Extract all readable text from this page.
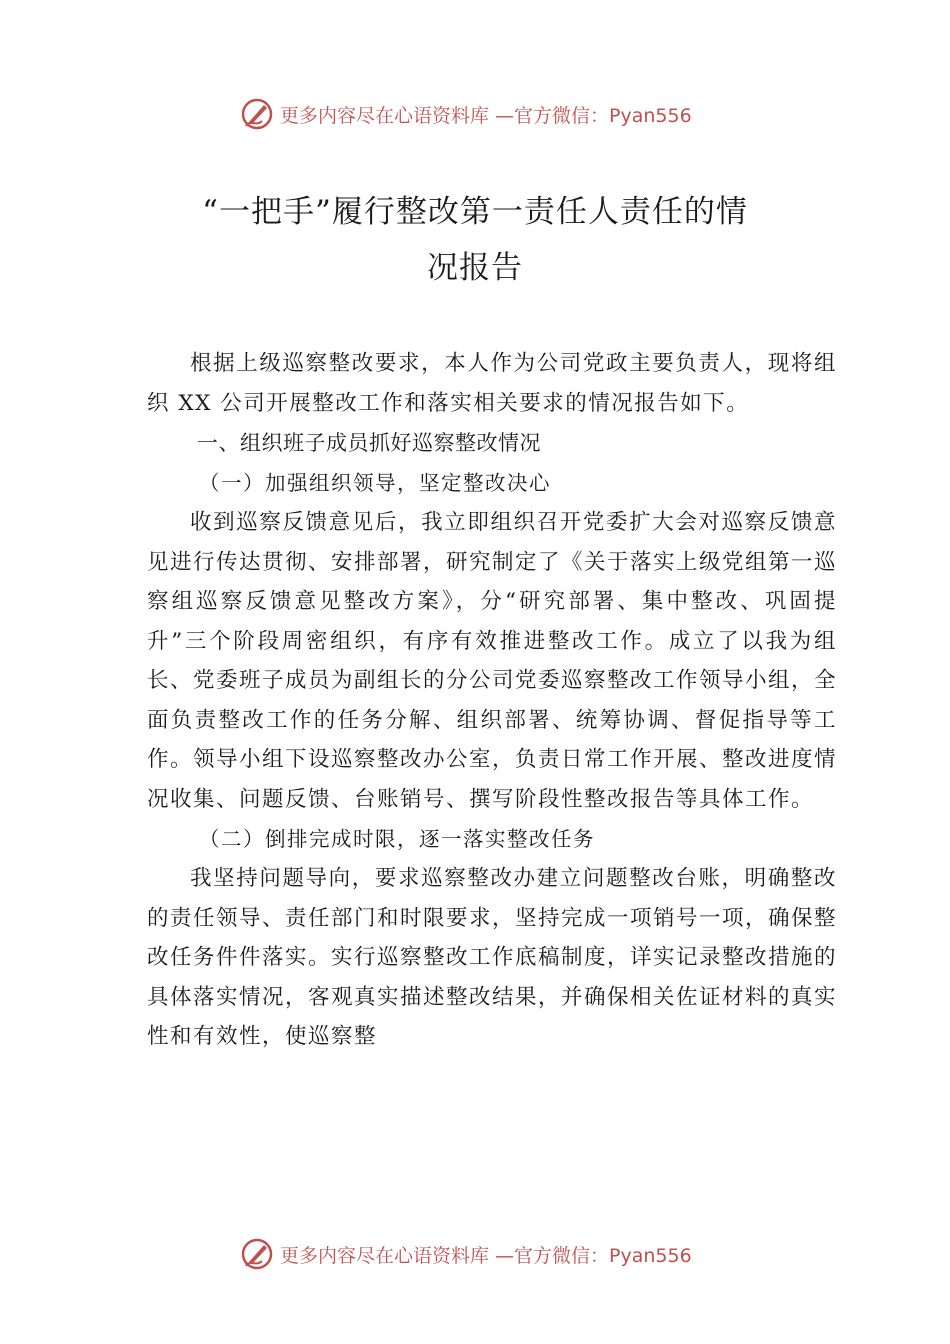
更多内容尽在心语资料库 —官方微信：Pyan556
“一把手”履行整改第一责任人责任的情
况报告

根据上级巡察整改要求，本人作为公司党政主要负责人，现将组织 XX 公司开展整改工作和落实相关要求的情况报告如下。

一、组织班子成员抓好巡察整改情况

（一）加强组织领导，坚定整改决心

收到巡察反馈意见后，我立即组织召开党委扩大会对巡察反馈意见进行传达贯彻、安排部署，研究制定了《关于落实上级党组第一巡察组巡察反馈意见整改方案》，分“研究部署、集中整改、巩固提升”三个阶段周密组织，有序有效推进整改工作。成立了以我为组长、党委班子成员为副组长的分公司党委巡察整改工作领导小组，全面负责整改工作的任务分解、组织部署、统筹协调、督促指导等工作。领导小组下设巡察整改办公室，负责日常工作开展、整改进度情况收集、问题反馈、台账销号、撰写阶段性整改报告等具体工作。

（二）倒排完成时限，逐一落实整改任务

我坚持问题导向，要求巡察整改办建立问题整改台账，明确整改的责任领导、责任部门和时限要求，坚持完成一项销号一项，确保整改任务件件落实。实行巡察整改工作底稿制度，详实记录整改措施的具体落实情况，客观真实描述整改结果，并确保相关佐证材料的真实性和有效性，使巡察整

更多内容尽在心语资料库 —官方微信：Pyan556
